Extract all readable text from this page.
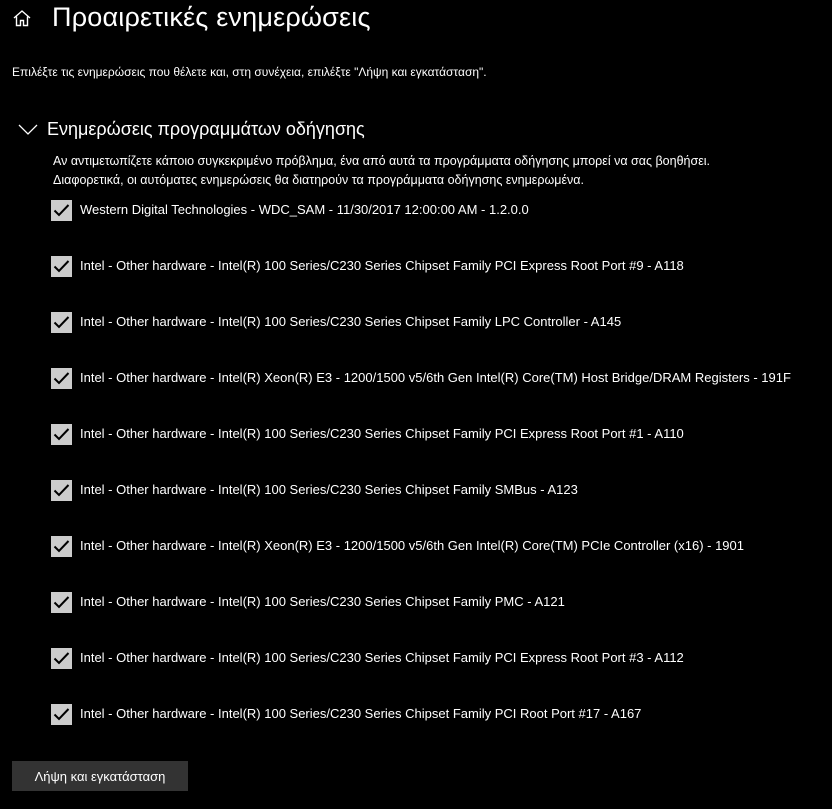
Προαιρετικές ενημερώσεις
Επιλέξτε τις ενημερώσεις που θέλετε και, στη συνέχεια, επιλέξτε "Λήψη και εγκατάσταση".
Ενημερώσεις προγραμμάτων οδήγησης
Αν αντιμετωπίζετε κάποιο συγκεκριμένο πρόβλημα, ένα από αυτά τα προγράμματα οδήγησης μπορεί να σας βοηθήσει.
Διαφορετικά, οι αυτόματες ενημερώσεις θα διατηρούν τα προγράμματα οδήγησης ενημερωμένα.
Western Digital Technologies - WDC_SAM - 11/30/2017 12:00:00 AM - 1.2.0.0
Intel - Other hardware - Intel(R) 100 Series/C230 Series Chipset Family PCI Express Root Port #9 - A118
Intel - Other hardware - Intel(R) 100 Series/C230 Series Chipset Family LPC Controller - A145
Intel - Other hardware - Intel(R) Xeon(R) E3 - 1200/1500 v5/6th Gen Intel(R) Core(TM) Host Bridge/DRAM Registers - 191F
Intel - Other hardware - Intel(R) 100 Series/C230 Series Chipset Family PCI Express Root Port #1 - A110
Intel - Other hardware - Intel(R) 100 Series/C230 Series Chipset Family SMBus - A123
Intel - Other hardware - Intel(R) Xeon(R) E3 - 1200/1500 v5/6th Gen Intel(R) Core(TM) PCIe Controller (x16) - 1901
Intel - Other hardware - Intel(R) 100 Series/C230 Series Chipset Family PMC - A121
Intel - Other hardware - Intel(R) 100 Series/C230 Series Chipset Family PCI Express Root Port #3 - A112
Intel - Other hardware - Intel(R) 100 Series/C230 Series Chipset Family PCI Root Port #17 - A167
Λήψη και εγκατάσταση
